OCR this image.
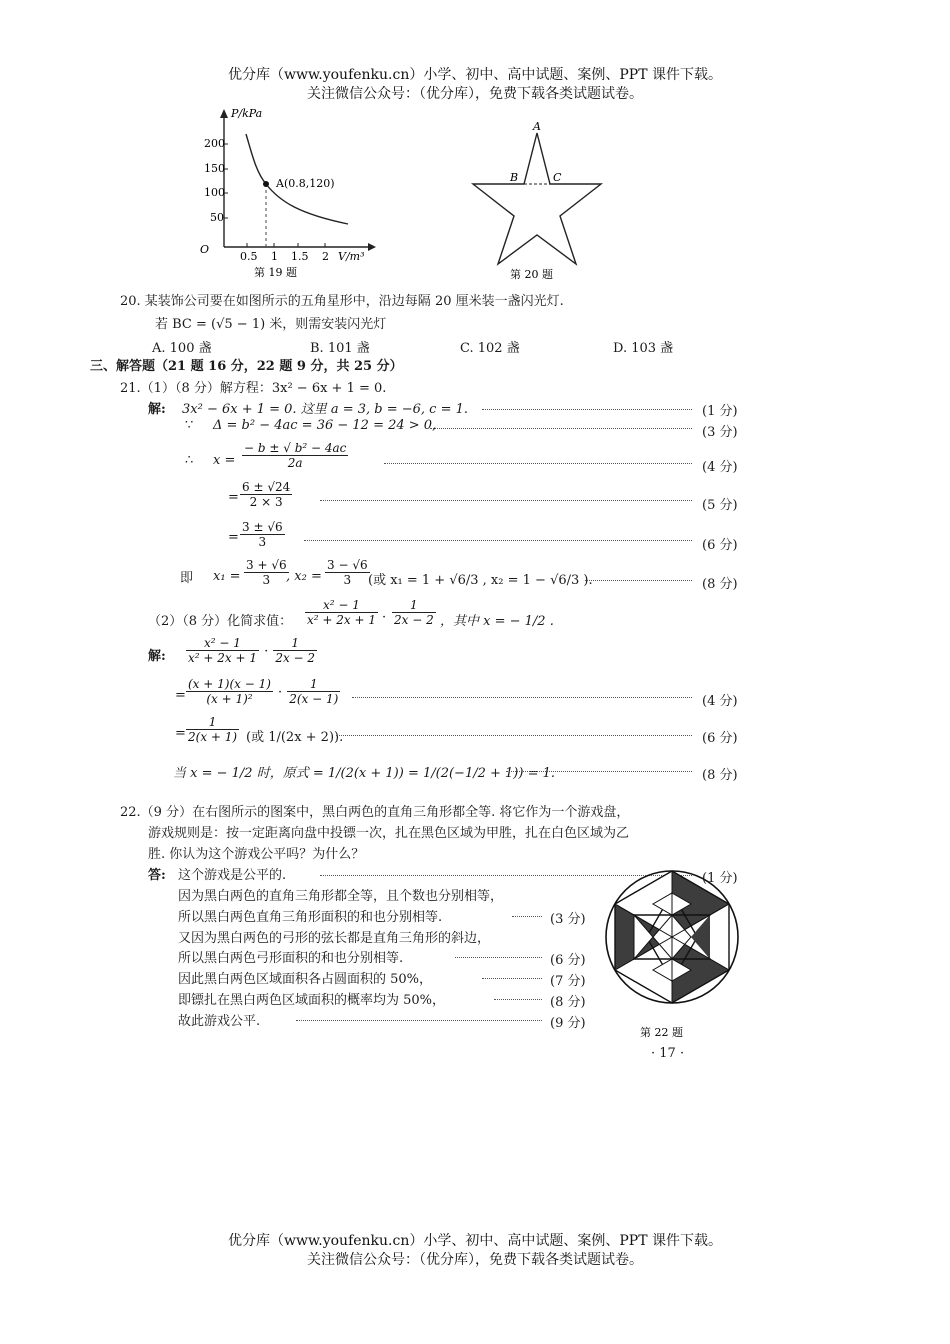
优分库（www.youfenku.cn）小学、初中、高中试题、案例、PPT 课件下载。
关注微信公众号：（优分库），免费下载各类试题试卷。
P/kPa
200
150
100
50
O
0.5 1 1.5 2 V/m³
A(0.8,120)
第 19 题
A
B	C
第 20 题
20. 某装饰公司要在如图所示的五角星形中，沿边每隔 20 厘米装一盏闪光灯.
若 BC = (√5 − 1) 米，则需安装闪光灯
A. 100 盏	B. 101 盏	C. 102 盏	D. 103 盏
三、解答题（21 题 16 分，22 题 9 分，共 25 分）
21.（1）（8 分）解方程：3x² − 6x + 1 = 0.
解: 3x² − 6x + 1 = 0. 这里 a = 3, b = −6, c = 1.	(1 分)
∵ Δ = b² − 4ac = 36 − 12 = 24 > 0,	(3 分)
∴ $x = \frac{\text{− b ± √ b² − 4ac}}{2a}$	(4 分)
= $\frac{6 \pm √24}{2 \times 3}$	(5 分)
= $\frac{3 \pm √6}{3}$	(6 分)
即 $x_1 = \frac{3 + √6}{3}$
, $x_2 = \frac{3 - √6}{3}$
(或 x₁ = 1 + √6/3 , x₂ = 1 − √6/3 ).	(8 分)
（2）（8 分）化简求值： $\frac{\text{x² − 1}}{\text{x² + 2x + 1}} \cdot \frac{1}{2x - 2}$ ，其中 x = − 1/2 .
解: $\frac{\text{x² − 1}}{\text{x² + 2x + 1}} \cdot \frac{1}{2x - 2}$
= $\frac{(x + 1)(x - 1)}{\text{(x + 1)²}} \cdot \frac{1}{2(x - 1)}$	(4 分)
= $\frac{1}{2(x + 1)}$ (或 1/(2x + 2)).	(6 分)
当 x = − 1/2 时，原式 = 1/(2(x + 1)) = 1/(2(−1/2 + 1)) = 1.	(8 分)
22.（9 分）在右图所示的图案中，黑白两色的直角三角形都全等. 将它作为一个游戏盘，
游戏规则是：按一定距离向盘中投镖一次，扎在黑色区域为甲胜，扎在白色区域为乙
胜. 你认为这个游戏公平吗？为什么？
答: 这个游戏是公平的.	(1 分)
因为黑白两色的直角三角形都全等，且个数也分别相等，
所以黑白两色直角三角形面积的和也分别相等.	(3 分)
又因为黑白两色的弓形的弦长都是直角三角形的斜边，
所以黑白两色弓形面积的和也分别相等.	(6 分)
因此黑白两色区域面积各占圆面积的 50%，	(7 分)
即镖扎在黑白两色区域面积的概率均为 50%，	(8 分)
故此游戏公平.	(9 分)
第 22 题
· 17 ·
优分库（www.youfenku.cn）小学、初中、高中试题、案例、PPT 课件下载。
关注微信公众号：（优分库），免费下载各类试题试卷。
